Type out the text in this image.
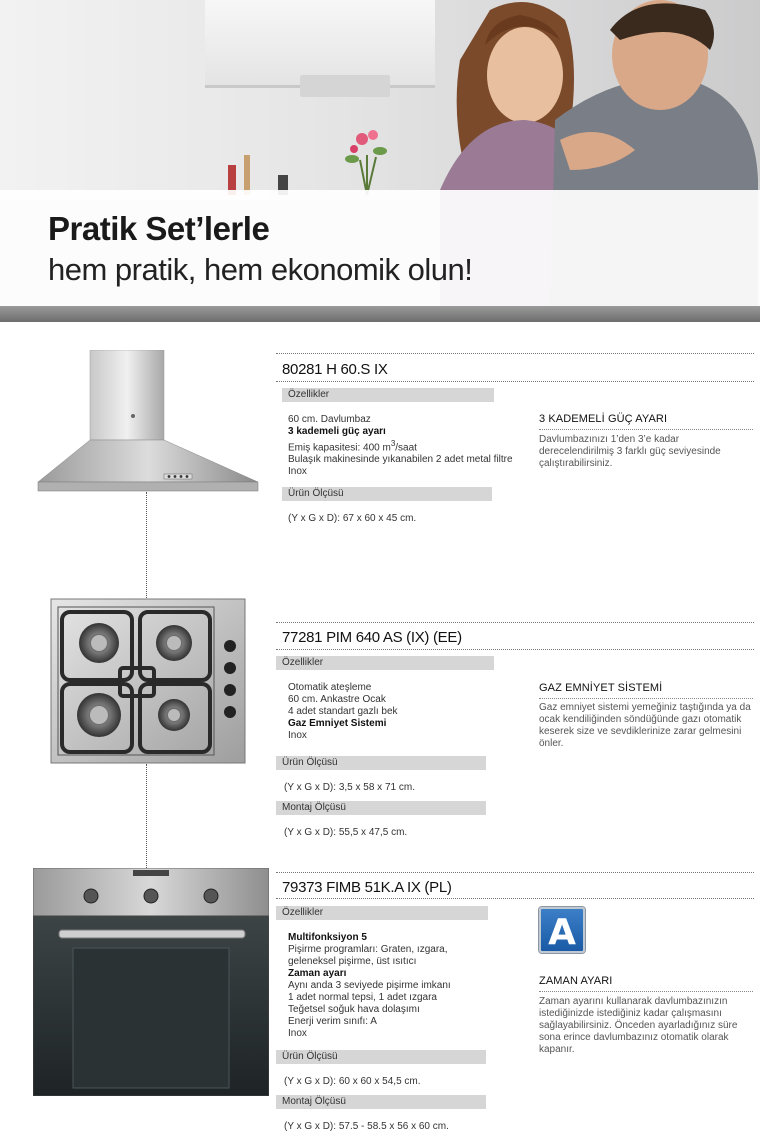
Pratik Set’lerle
hem pratik, hem ekonomik olun!
80281 H 60.S IX
Özellikler
60 cm. Davlumbaz
3 kademeli güç ayarı
Emiş kapasitesi: 400 $m^3$/saat
Bulaşık makinesinde yıkanabilen 2 adet metal filtre
Inox
Ürün Ölçüsü
(Y x G x D): 67 x 60 x 45 cm.
3 KADEMELİ GÜÇ AYARI
Davlumbazınızı 1’den 3’e kadar derecelendirilmiş 3 farklı güç seviyesinde çalıştırabilirsiniz.
77281 PIM 640 AS (IX) (EE)
Özellikler
Otomatik ateşleme
60 cm. Ankastre Ocak
4 adet standart gazlı bek
Gaz Emniyet Sistemi
Inox
Ürün Ölçüsü
(Y x G x D): 3,5 x 58 x 71 cm.
Montaj Ölçüsü
(Y x G x D): 55,5 x 47,5 cm.
GAZ EMNİYET SİSTEMİ
Gaz emniyet sistemi yemeğiniz taştığında ya da ocak kendiliğinden söndüğünde gazı otomatik keserek size ve sevdiklerinize zarar gelmesini önler.
79373 FIMB 51K.A IX (PL)
Özellikler
Multifonksiyon 5
Pişirme programları: Graten, ızgara,
geleneksel pişirme, üst ısıtıcı
Zaman ayarı
Aynı anda 3 seviyede pişirme imkanı
1 adet normal tepsi, 1 adet ızgara
Teğetsel soğuk hava dolaşımı
Enerji verim sınıfı: A
Inox
Ürün Ölçüsü
(Y x G x D): 60 x 60 x 54,5 cm.
Montaj Ölçüsü
(Y x G x D): 57.5 - 58.5 x 56 x 60 cm.
A
ZAMAN AYARI
Zaman ayarını kullanarak davlumbazınızın istediğinizde istediğiniz kadar çalışmasını sağlayabilirsiniz. Önceden ayarladığınız süre sona erince davlumbazınız otomatik olarak kapanır.
